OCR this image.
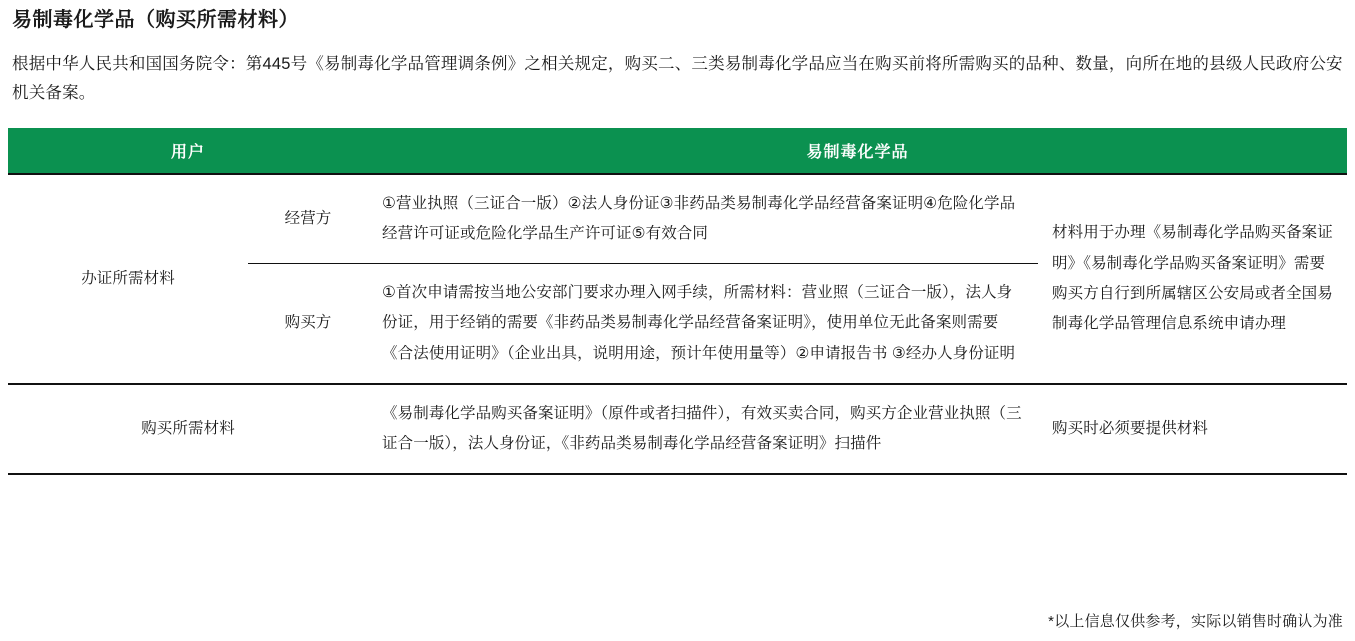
易制毒化学品（购买所需材料）

根据中华人民共和国国务院令：第445号《易制毒化学品管理调条例》之相关规定，购买二、三类易制毒化学品应当在购买前将所需购买的品种、数量，向所在地的县级人民政府公安机关备案。

用户		易制毒化学品	
办证所需材料	经营方	①营业执照（三证合一版）②法人身份证③非药品类易制毒化学品经营备案证明④危险化学品经营许可证或危险化学品生产许可证⑤有效合同	材料用于办理《易制毒化学品购买备案证明》《易制毒化学品购买备案证明》需要购买方自行到所属辖区公安局或者全国易制毒化学品管理信息系统申请办理
	购买方	①首次申请需按当地公安部门要求办理入网手续，所需材料：营业照（三证合一版），法人身份证，用于经销的需要《非药品类易制毒化学品经营备案证明》，使用单位无此备案则需要《合法使用证明》（企业出具，说明用途，预计年使用量等）②申请报告书 ③经办人身份证明	
购买所需材料		《易制毒化学品购买备案证明》（原件或者扫描件），有效买卖合同，购买方企业营业执照（三证合一版），法人身份证，《非药品类易制毒化学品经营备案证明》扫描件	购买时必须要提供材料
*以上信息仅供参考，实际以销售时确认为准
